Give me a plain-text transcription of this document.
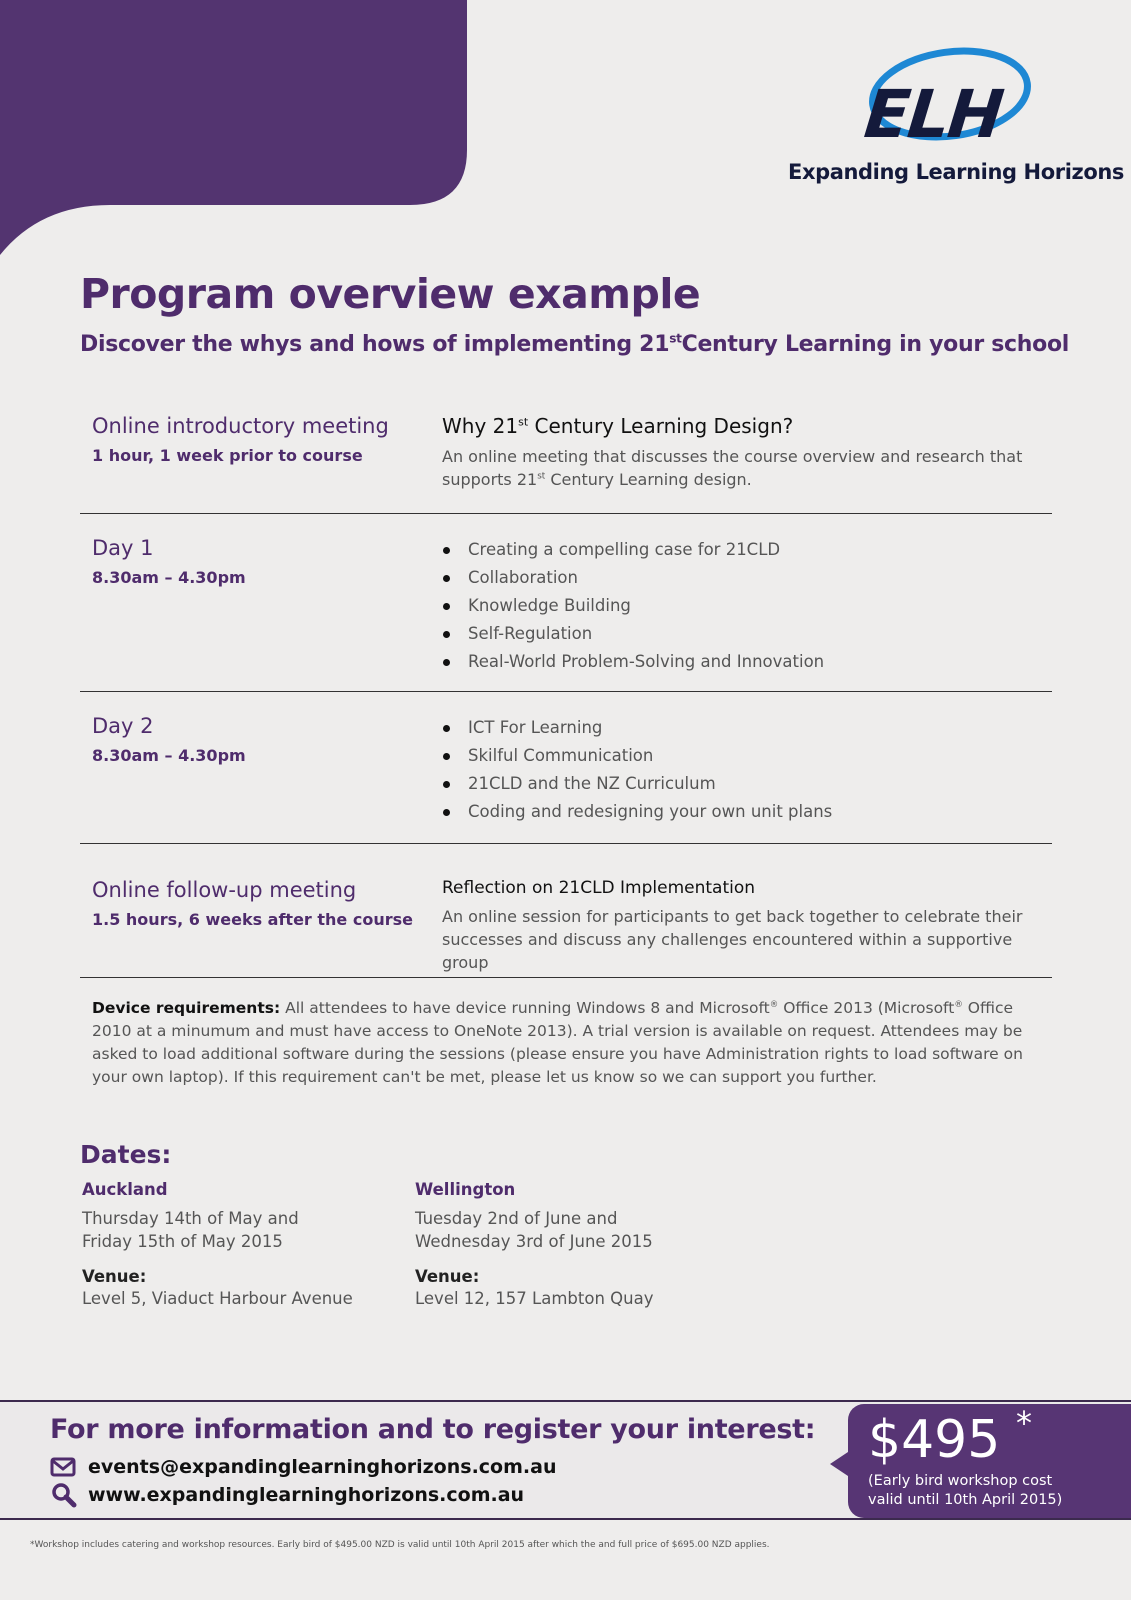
ELH
Expanding Learning Horizons
Program overview example
Discover the whys and hows of implementing 21stCentury Learning in your school

Online introductory meeting

1 hour, 1 week prior to course

Why 21st Century Learning Design?

An online meeting that discusses the course overview and research that supports 21st Century Learning design.

Day 1

8.30am – 4.30pm

Creating a compelling case for 21CLD
Collaboration
Knowledge Building
Self-Regulation
Real-World Problem-Solving and Innovation

Day 2

8.30am – 4.30pm

ICT For Learning
Skilful Communication
21CLD and the NZ Curriculum
Coding and redesigning your own unit plans

Online follow-up meeting

1.5 hours, 6 weeks after the course

Reflection on 21CLD Implementation

An online session for participants to get back together to celebrate their successes and discuss any challenges encountered within a supportive group

Device requirements: All attendees to have device running Windows 8 and Microsoft® Office 2013 (Microsoft® Office 2010 at a minumum and must have access to OneNote 2013). A trial version is available on request. Attendees may be asked to load additional software during the sessions (please ensure you have Administration rights to load software on your own laptop). If this requirement can't be met, please let us know so we can support you further.

Dates:

Auckland

Thursday 14th of May and
Friday 15th of May 2015

Venue:

Level 5, Viaduct Harbour Avenue

Wellington

Tuesday 2nd of June and
Wednesday 3rd of June 2015

Venue:

Level 12, 157 Lambton Quay

For more information and to register your interest:
events@expandinglearninghorizons.com.au
www.expandinglearninghorizons.com.au
$495 *
(Early bird workshop cost
valid until 10th April 2015)
*Workshop includes catering and workshop resources. Early bird of $495.00 NZD is valid until 10th April 2015 after which the and full price of $695.00 NZD applies.
